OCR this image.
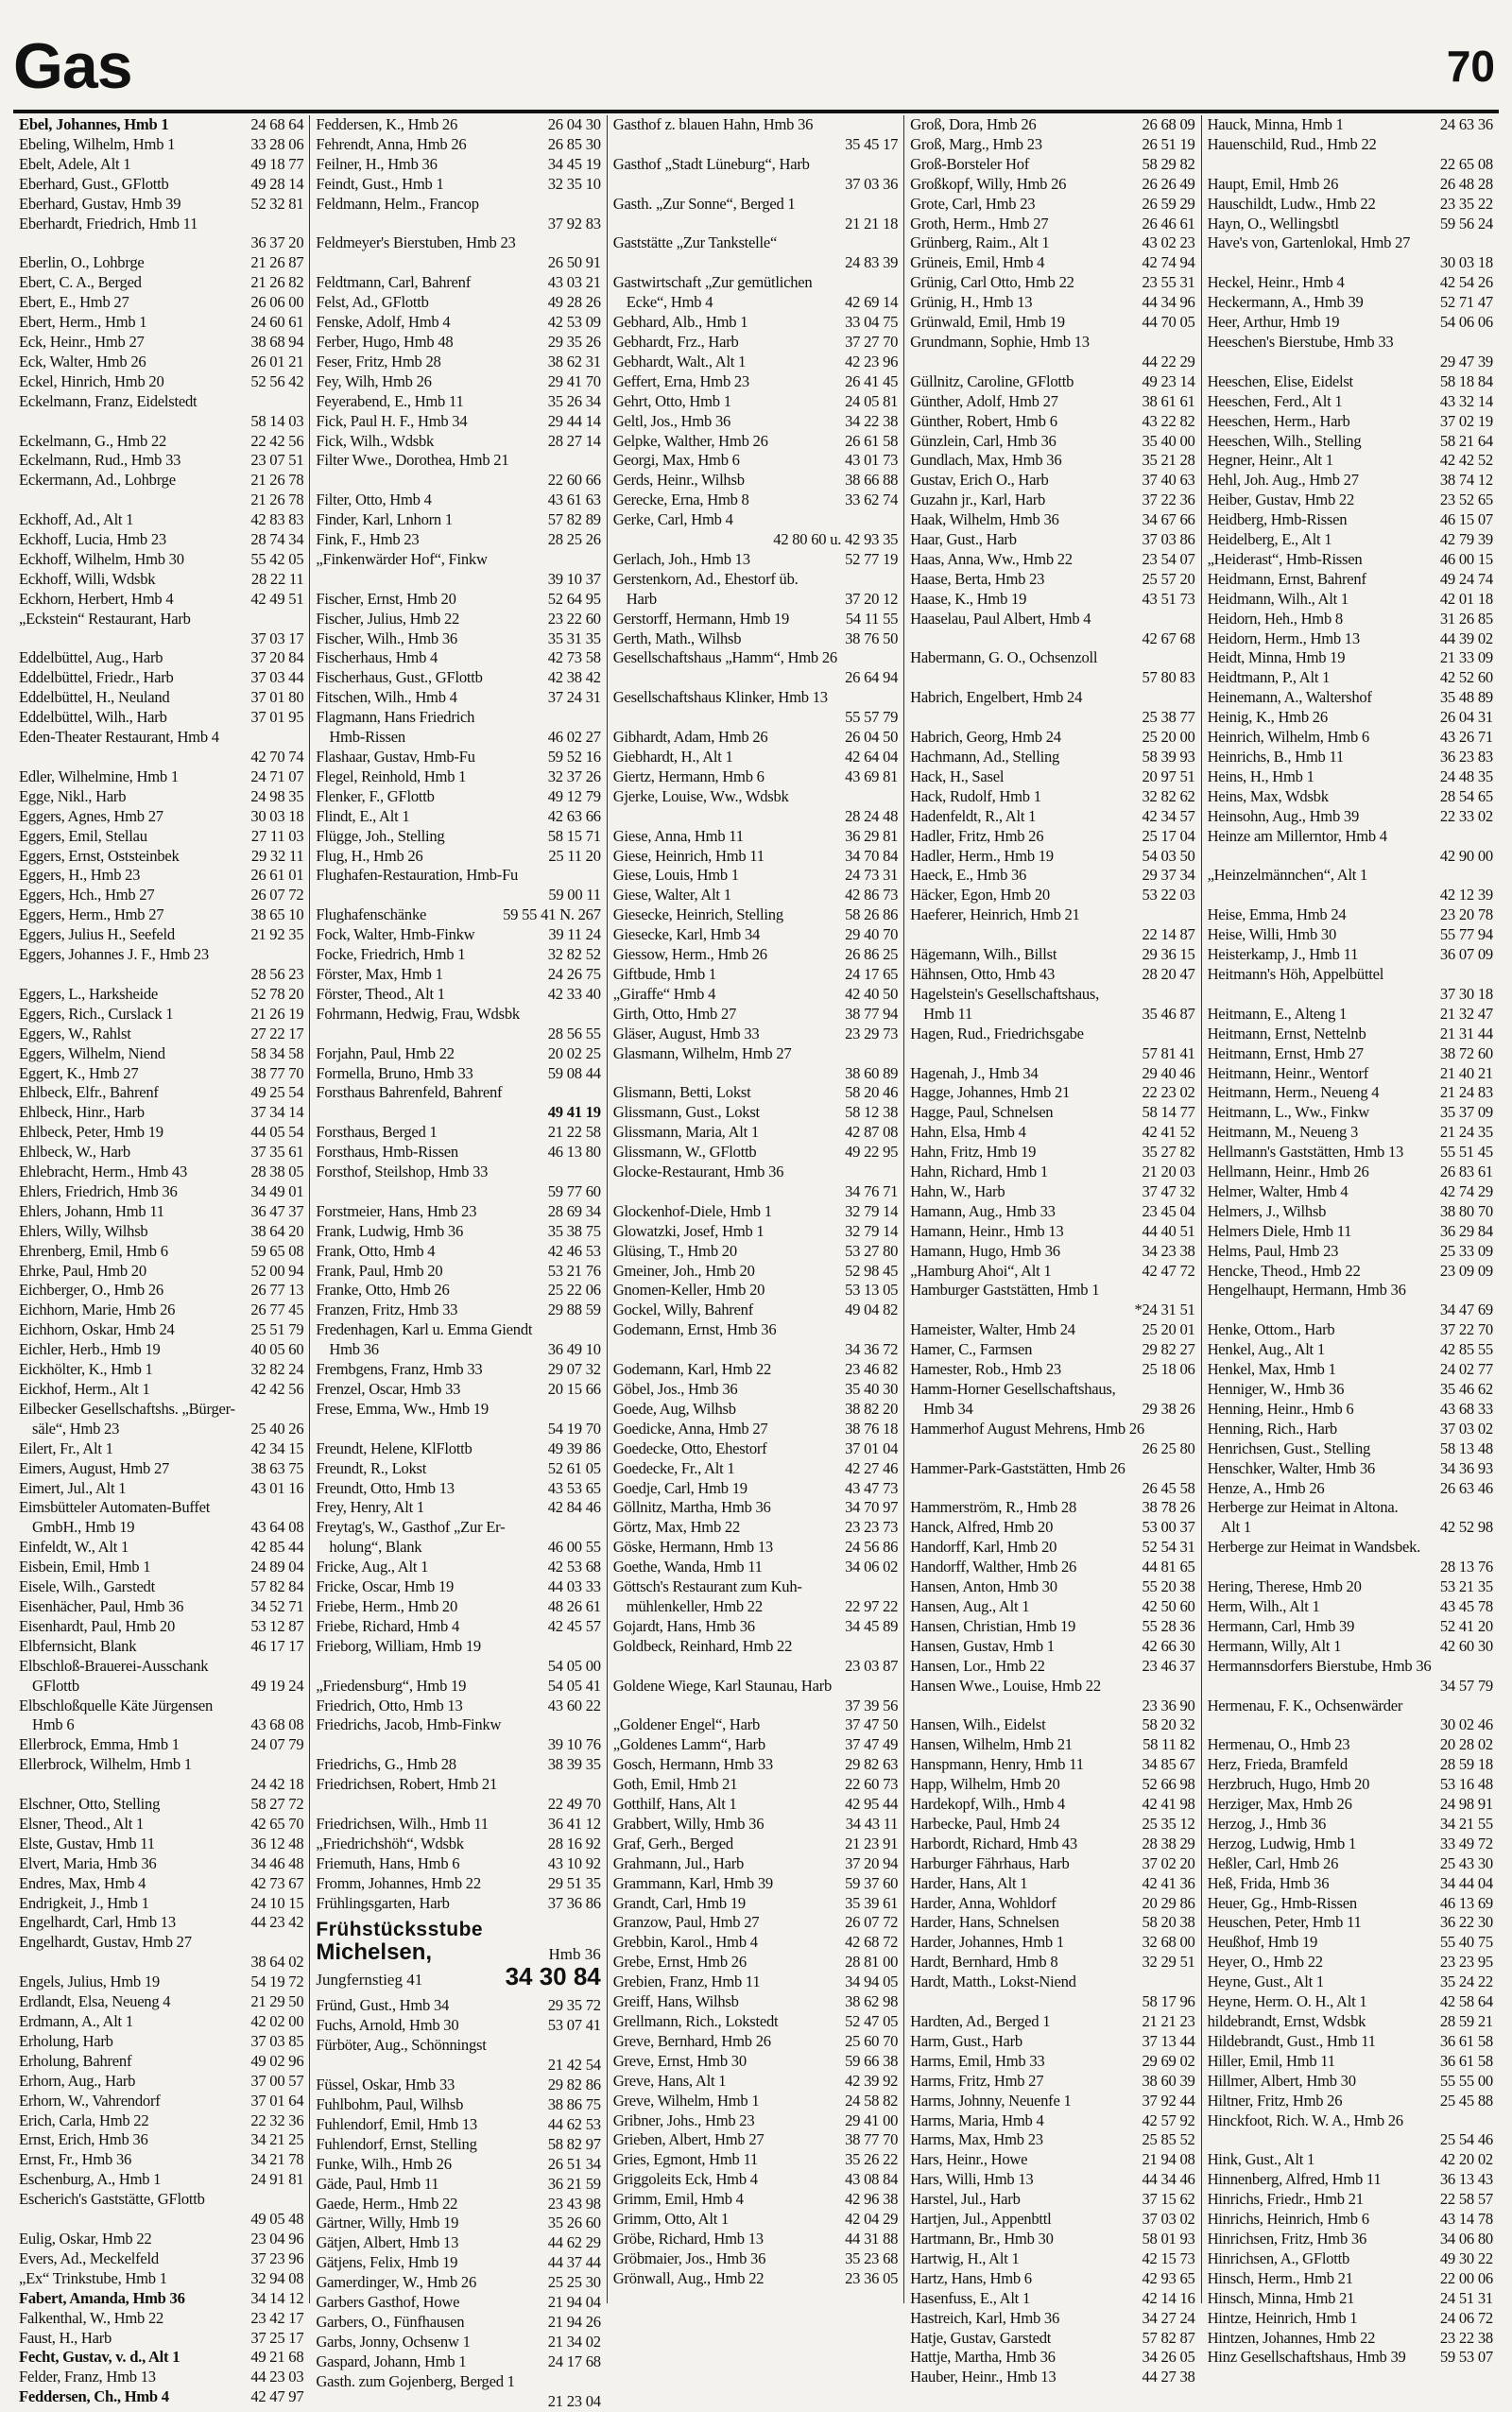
Gas	70
Ebel, Johannes, Hmb 1	24 68 64
Ebeling, Wilhelm, Hmb 1	33 28 06
Ebelt, Adele, Alt 1	49 18 77
Eberhard, Gust., GFlottb	49 28 14
Eberhard, Gustav, Hmb 39	52 32 81
Eberhardt, Friedrich, Hmb 11
36 37 20
Eberlin, O., Lohbrge	21 26 87
Ebert, C. A., Berged	21 26 82
Ebert, E., Hmb 27	26 06 00
Ebert, Herm., Hmb 1	24 60 61
Eck, Heinr., Hmb 27	38 68 94
Eck, Walter, Hmb 26	26 01 21
Eckel, Hinrich, Hmb 20	52 56 42
Eckelmann, Franz, Eidelstedt
58 14 03
Eckelmann, G., Hmb 22	22 42 56
Eckelmann, Rud., Hmb 33	23 07 51
Eckermann, Ad., Lohbrge	21 26 78
21 26 78
Eckhoff, Ad., Alt 1	42 83 83
Eckhoff, Lucia, Hmb 23	28 74 34
Eckhoff, Wilhelm, Hmb 30	55 42 05
Eckhoff, Willi, Wdsbk	28 22 11
Eckhorn, Herbert, Hmb 4	42 49 51
„Eckstein“ Restaurant, Harb
37 03 17
Eddelbüttel, Aug., Harb	37 20 84
Eddelbüttel, Friedr., Harb	37 03 44
Eddelbüttel, H., Neuland	37 01 80
Eddelbüttel, Wilh., Harb	37 01 95
Eden-Theater Restaurant, Hmb 4
42 70 74
Edler, Wilhelmine, Hmb 1	24 71 07
Egge, Nikl., Harb	24 98 35
Eggers, Agnes, Hmb 27	30 03 18
Eggers, Emil, Stellau	27 11 03
Eggers, Ernst, Oststeinbek	29 32 11
Eggers, H., Hmb 23	26 61 01
Eggers, Hch., Hmb 27	26 07 72
Eggers, Herm., Hmb 27	38 65 10
Eggers, Julius H., Seefeld	21 92 35
Eggers, Johannes J. F., Hmb 23
28 56 23
Eggers, L., Harksheide	52 78 20
Eggers, Rich., Curslack 1	21 26 19
Eggers, W., Rahlst	27 22 17
Eggers, Wilhelm, Niend	58 34 58
Eggert, K., Hmb 27	38 77 70
Ehlbeck, Elfr., Bahrenf	49 25 54
Ehlbeck, Hinr., Harb	37 34 14
Ehlbeck, Peter, Hmb 19	44 05 54
Ehlbeck, W., Harb	37 35 61
Ehlebracht, Herm., Hmb 43	28 38 05
Ehlers, Friedrich, Hmb 36	34 49 01
Ehlers, Johann, Hmb 11	36 47 37
Ehlers, Willy, Wilhsb	38 64 20
Ehrenberg, Emil, Hmb 6	59 65 08
Ehrke, Paul, Hmb 20	52 00 94
Eichberger, O., Hmb 26	26 77 13
Eichhorn, Marie, Hmb 26	26 77 45
Eichhorn, Oskar, Hmb 24	25 51 79
Eichler, Herb., Hmb 19	40 05 60
Eickhölter, K., Hmb 1	32 82 24
Eickhof, Herm., Alt 1	42 42 56
Eilbecker Gesellschaftshs. „Bürger-
säle“, Hmb 23	25 40 26
Eilert, Fr., Alt 1	42 34 15
Eimers, August, Hmb 27	38 63 75
Eimert, Jul., Alt 1	43 01 16
Eimsbütteler Automaten-Buffet
GmbH., Hmb 19	43 64 08
Einfeldt, W., Alt 1	42 85 44
Eisbein, Emil, Hmb 1	24 89 04
Eisele, Wilh., Garstedt	57 82 84
Eisenhächer, Paul, Hmb 36	34 52 71
Eisenhardt, Paul, Hmb 20	53 12 87
Elbfernsicht, Blank	46 17 17
Elbschloß-Brauerei-Ausschank
GFlottb	49 19 24
Elbschloßquelle Käte Jürgensen
Hmb 6	43 68 08
Ellerbrock, Emma, Hmb 1	24 07 79
Ellerbrock, Wilhelm, Hmb 1
24 42 18
Elschner, Otto, Stelling	58 27 72
Elsner, Theod., Alt 1	42 65 70
Elste, Gustav, Hmb 11	36 12 48
Elvert, Maria, Hmb 36	34 46 48
Endres, Max, Hmb 4	42 73 67
Endrigkeit, J., Hmb 1	24 10 15
Engelhardt, Carl, Hmb 13	44 23 42
Engelhardt, Gustav, Hmb 27
38 64 02
Engels, Julius, Hmb 19	54 19 72
Erdlandt, Elsa, Neueng 4	21 29 50
Erdmann, A., Alt 1	42 02 00
Erholung, Harb	37 03 85
Erholung, Bahrenf	49 02 96
Erhorn, Aug., Harb	37 00 57
Erhorn, W., Vahrendorf	37 01 64
Erich, Carla, Hmb 22	22 32 36
Ernst, Erich, Hmb 36	34 21 25
Ernst, Fr., Hmb 36	34 21 78
Eschenburg, A., Hmb 1	24 91 81
Escherich's Gaststätte, GFlottb
49 05 48
Eulig, Oskar, Hmb 22	23 04 96
Evers, Ad., Meckelfeld	37 23 96
„Ex“ Trinkstube, Hmb 1	32 94 08
Fabert, Amanda, Hmb 36	34 14 12
Falkenthal, W., Hmb 22	23 42 17
Faust, H., Harb	37 25 17
Fecht, Gustav, v. d., Alt 1	49 21 68
Felder, Franz, Hmb 13	44 23 03
Feddersen, Ch., Hmb 4	42 47 97
Feddersen, K., Hmb 26	26 04 30
Fehrendt, Anna, Hmb 26	26 85 30
Feilner, H., Hmb 36	34 45 19
Feindt, Gust., Hmb 1	32 35 10
Feldmann, Helm., Francop
37 92 83
Feldmeyer's Bierstuben, Hmb 23
26 50 91
Feldtmann, Carl, Bahrenf	43 03 21
Felst, Ad., GFlottb	49 28 26
Fenske, Adolf, Hmb 4	42 53 09
Ferber, Hugo, Hmb 48	29 35 26
Feser, Fritz, Hmb 28	38 62 31
Fey, Wilh, Hmb 26	29 41 70
Feyerabend, E., Hmb 11	35 26 34
Fick, Paul H. F., Hmb 34	29 44 14
Fick, Wilh., Wdsbk	28 27 14
Filter Wwe., Dorothea, Hmb 21
22 60 66
Filter, Otto, Hmb 4	43 61 63
Finder, Karl, Lnhorn 1	57 82 89
Fink, F., Hmb 23	28 25 26
„Finkenwärder Hof“, Finkw
39 10 37
Fischer, Ernst, Hmb 20	52 64 95
Fischer, Julius, Hmb 22	23 22 60
Fischer, Wilh., Hmb 36	35 31 35
Fischerhaus, Hmb 4	42 73 58
Fischerhaus, Gust., GFlottb	42 38 42
Fitschen, Wilh., Hmb 4	37 24 31
Flagmann, Hans Friedrich
Hmb-Rissen	46 02 27
Flashaar, Gustav, Hmb-Fu	59 52 16
Flegel, Reinhold, Hmb 1	32 37 26
Flenker, F., GFlottb	49 12 79
Flindt, E., Alt 1	42 63 66
Flügge, Joh., Stelling	58 15 71
Flug, H., Hmb 26	25 11 20
Flughafen-Restauration, Hmb-Fu
59 00 11
Flughafenschänke	59 55 41 N. 267
Fock, Walter, Hmb-Finkw	39 11 24
Focke, Friedrich, Hmb 1	32 82 52
Förster, Max, Hmb 1	24 26 75
Förster, Theod., Alt 1	42 33 40
Fohrmann, Hedwig, Frau, Wdsbk
28 56 55
Forjahn, Paul, Hmb 22	20 02 25
Formella, Bruno, Hmb 33	59 08 44
Forsthaus Bahrenfeld, Bahrenf
49 41 19
Forsthaus, Berged 1	21 22 58
Forsthaus, Hmb-Rissen	46 13 80
Forsthof, Steilshop, Hmb 33
59 77 60
Forstmeier, Hans, Hmb 23	28 69 34
Frank, Ludwig, Hmb 36	35 38 75
Frank, Otto, Hmb 4	42 46 53
Frank, Paul, Hmb 20	53 21 76
Franke, Otto, Hmb 26	25 22 06
Franzen, Fritz, Hmb 33	29 88 59
Fredenhagen, Karl u. Emma Giendt
Hmb 36	36 49 10
Frembgens, Franz, Hmb 33	29 07 32
Frenzel, Oscar, Hmb 33	20 15 66
Frese, Emma, Ww., Hmb 19
54 19 70
Freundt, Helene, KlFlottb	49 39 86
Freundt, R., Lokst	52 61 05
Freundt, Otto, Hmb 13	43 53 65
Frey, Henry, Alt 1	42 84 46
Freytag's, W., Gasthof „Zur Er-
holung“, Blank	46 00 55
Fricke, Aug., Alt 1	42 53 68
Fricke, Oscar, Hmb 19	44 03 33
Friebe, Herm., Hmb 20	48 26 61
Friebe, Richard, Hmb 4	42 45 57
Frieborg, William, Hmb 19
54 05 00
„Friedensburg“, Hmb 19	54 05 41
Friedrich, Otto, Hmb 13	43 60 22
Friedrichs, Jacob, Hmb-Finkw
39 10 76
Friedrichs, G., Hmb 28	38 39 35
Friedrichsen, Robert, Hmb 21
22 49 70
Friedrichsen, Wilh., Hmb 11	36 41 12
„Friedrichshöh“, Wdsbk	28 16 92
Friemuth, Hans, Hmb 6	43 10 92
Fromm, Johannes, Hmb 22	29 51 35
Frühlingsgarten, Harb	37 36 86
Frühstücksstube
Michelsen,	Hmb 36
Jungfernstieg 41	34 30 84
Fründ, Gust., Hmb 34	29 35 72
Fuchs, Arnold, Hmb 30	53 07 41
Fürböter, Aug., Schönningst
21 42 54
Füssel, Oskar, Hmb 33	29 82 86
Fuhlbohm, Paul, Wilhsb	38 86 75
Fuhlendorf, Emil, Hmb 13	44 62 53
Fuhlendorf, Ernst, Stelling	58 82 97
Funke, Wilh., Hmb 26	26 51 34
Gäde, Paul, Hmb 11	36 21 59
Gaede, Herm., Hmb 22	23 43 98
Gärtner, Willy, Hmb 19	35 26 60
Gätjen, Albert, Hmb 13	44 62 29
Gätjens, Felix, Hmb 19	44 37 44
Gamerdinger, W., Hmb 26	25 25 30
Garbers Gasthof, Howe	21 94 04
Garbers, O., Fünfhausen	21 94 26
Garbs, Jonny, Ochsenw 1	21 34 02
Gaspard, Johann, Hmb 1	24 17 68
Gasth. zum Gojenberg, Berged 1
21 23 04
Gasthof z. blauen Hahn, Hmb 36
35 45 17
Gasthof „Stadt Lüneburg“, Harb
37 03 36
Gasth. „Zur Sonne“, Berged 1
21 21 18
Gaststätte „Zur Tankstelle“
24 83 39
Gastwirtschaft „Zur gemütlichen
Ecke“, Hmb 4	42 69 14
Gebhard, Alb., Hmb 1	33 04 75
Gebhardt, Frz., Harb	37 27 70
Gebhardt, Walt., Alt 1	42 23 96
Geffert, Erna, Hmb 23	26 41 45
Gehrt, Otto, Hmb 1	24 05 81
Geltl, Jos., Hmb 36	34 22 38
Gelpke, Walther, Hmb 26	26 61 58
Georgi, Max, Hmb 6	43 01 73
Gerds, Heinr., Wilhsb	38 66 88
Gerecke, Erna, Hmb 8	33 62 74
Gerke, Carl, Hmb 4
42 80 60 u. 42 93 35
Gerlach, Joh., Hmb 13	52 77 19
Gerstenkorn, Ad., Ehestorf üb.
Harb	37 20 12
Gerstorff, Hermann, Hmb 19	54 11 55
Gerth, Math., Wilhsb	38 76 50
Gesellschaftshaus „Hamm“, Hmb 26
26 64 94
Gesellschaftshaus Klinker, Hmb 13
55 57 79
Gibhardt, Adam, Hmb 26	26 04 50
Giebhardt, H., Alt 1	42 64 04
Giertz, Hermann, Hmb 6	43 69 81
Gjerke, Louise, Ww., Wdsbk
28 24 48
Giese, Anna, Hmb 11	36 29 81
Giese, Heinrich, Hmb 11	34 70 84
Giese, Louis, Hmb 1	24 73 31
Giese, Walter, Alt 1	42 86 73
Giesecke, Heinrich, Stelling	58 26 86
Giesecke, Karl, Hmb 34	29 40 70
Giessow, Herm., Hmb 26	26 86 25
Giftbude, Hmb 1	24 17 65
„Giraffe“ Hmb 4	42 40 50
Girth, Otto, Hmb 27	38 77 94
Gläser, August, Hmb 33	23 29 73
Glasmann, Wilhelm, Hmb 27
38 60 89
Glismann, Betti, Lokst	58 20 46
Glissmann, Gust., Lokst	58 12 38
Glissmann, Maria, Alt 1	42 87 08
Glissmann, W., GFlottb	49 22 95
Glocke-Restaurant, Hmb 36
34 76 71
Glockenhof-Diele, Hmb 1	32 79 14
Glowatzki, Josef, Hmb 1	32 79 14
Glüsing, T., Hmb 20	53 27 80
Gmeiner, Joh., Hmb 20	52 98 45
Gnomen-Keller, Hmb 20	53 13 05
Gockel, Willy, Bahrenf	49 04 82
Godemann, Ernst, Hmb 36
34 36 72
Godemann, Karl, Hmb 22	23 46 82
Göbel, Jos., Hmb 36	35 40 30
Goede, Aug, Wilhsb	38 82 20
Goedicke, Anna, Hmb 27	38 76 18
Goedecke, Otto, Ehestorf	37 01 04
Goedecke, Fr., Alt 1	42 27 46
Goedje, Carl, Hmb 19	43 47 73
Göllnitz, Martha, Hmb 36	34 70 97
Görtz, Max, Hmb 22	23 23 73
Göske, Hermann, Hmb 13	24 56 86
Goethe, Wanda, Hmb 11	34 06 02
Göttsch's Restaurant zum Kuh-
mühlenkeller, Hmb 22	22 97 22
Gojardt, Hans, Hmb 36	34 45 89
Goldbeck, Reinhard, Hmb 22
23 03 87
Goldene Wiege, Karl Staunau, Harb
37 39 56
„Goldener Engel“, Harb	37 47 50
„Goldenes Lamm“, Harb	37 47 49
Gosch, Hermann, Hmb 33	29 82 63
Goth, Emil, Hmb 21	22 60 73
Gotthilf, Hans, Alt 1	42 95 44
Grabbert, Willy, Hmb 36	34 43 11
Graf, Gerh., Berged	21 23 91
Grahmann, Jul., Harb	37 20 94
Grammann, Karl, Hmb 39	59 37 60
Grandt, Carl, Hmb 19	35 39 61
Granzow, Paul, Hmb 27	26 07 72
Grebbin, Karol., Hmb 4	42 68 72
Grebe, Ernst, Hmb 26	28 81 00
Grebien, Franz, Hmb 11	34 94 05
Greiff, Hans, Wilhsb	38 62 98
Grellmann, Rich., Lokstedt	52 47 05
Greve, Bernhard, Hmb 26	25 60 70
Greve, Ernst, Hmb 30	59 66 38
Greve, Hans, Alt 1	42 39 92
Greve, Wilhelm, Hmb 1	24 58 82
Gribner, Johs., Hmb 23	29 41 00
Grieben, Albert, Hmb 27	38 77 70
Gries, Egmont, Hmb 11	35 26 22
Griggoleits Eck, Hmb 4	43 08 84
Grimm, Emil, Hmb 4	42 96 38
Grimm, Otto, Alt 1	42 04 29
Gröbe, Richard, Hmb 13	44 31 88
Gröbmaier, Jos., Hmb 36	35 23 68
Grönwall, Aug., Hmb 22	23 36 05
Groß, Dora, Hmb 26	26 68 09
Groß, Marg., Hmb 23	26 51 19
Groß-Borsteler Hof	58 29 82
Großkopf, Willy, Hmb 26	26 26 49
Grote, Carl, Hmb 23	26 59 29
Groth, Herm., Hmb 27	26 46 61
Grünberg, Raim., Alt 1	43 02 23
Grüneis, Emil, Hmb 4	42 74 94
Grünig, Carl Otto, Hmb 22	23 55 31
Grünig, H., Hmb 13	44 34 96
Grünwald, Emil, Hmb 19	44 70 05
Grundmann, Sophie, Hmb 13
44 22 29
Güllnitz, Caroline, GFlottb	49 23 14
Günther, Adolf, Hmb 27	38 61 61
Günther, Robert, Hmb 6	43 22 82
Günzlein, Carl, Hmb 36	35 40 00
Gundlach, Max, Hmb 36	35 21 28
Gustav, Erich O., Harb	37 40 63
Guzahn jr., Karl, Harb	37 22 36
Haak, Wilhelm, Hmb 36	34 67 66
Haar, Gust., Harb	37 03 86
Haas, Anna, Ww., Hmb 22	23 54 07
Haase, Berta, Hmb 23	25 57 20
Haase, K., Hmb 19	43 51 73
Haaselau, Paul Albert, Hmb 4
42 67 68
Habermann, G. O., Ochsenzoll
57 80 83
Habrich, Engelbert, Hmb 24
25 38 77
Habrich, Georg, Hmb 24	25 20 00
Hachmann, Ad., Stelling	58 39 93
Hack, H., Sasel	20 97 51
Hack, Rudolf, Hmb 1	32 82 62
Hadenfeldt, R., Alt 1	42 34 57
Hadler, Fritz, Hmb 26	25 17 04
Hadler, Herm., Hmb 19	54 03 50
Haeck, E., Hmb 36	29 37 34
Häcker, Egon, Hmb 20	53 22 03
Haeferer, Heinrich, Hmb 21
22 14 87
Hägemann, Wilh., Billst	29 36 15
Hähnsen, Otto, Hmb 43	28 20 47
Hagelstein's Gesellschaftshaus,
Hmb 11	35 46 87
Hagen, Rud., Friedrichsgabe
57 81 41
Hagenah, J., Hmb 34	29 40 46
Hagge, Johannes, Hmb 21	22 23 02
Hagge, Paul, Schnelsen	58 14 77
Hahn, Elsa, Hmb 4	42 41 52
Hahn, Fritz, Hmb 19	35 27 82
Hahn, Richard, Hmb 1	21 20 03
Hahn, W., Harb	37 47 32
Hamann, Aug., Hmb 33	23 45 04
Hamann, Heinr., Hmb 13	44 40 51
Hamann, Hugo, Hmb 36	34 23 38
„Hamburg Ahoi“, Alt 1	42 47 72
Hamburger Gaststätten, Hmb 1
*24 31 51
Hameister, Walter, Hmb 24	25 20 01
Hamer, C., Farmsen	29 82 27
Hamester, Rob., Hmb 23	25 18 06
Hamm-Horner Gesellschaftshaus,
Hmb 34	29 38 26
Hammerhof August Mehrens, Hmb 26
26 25 80
Hammer-Park-Gaststätten, Hmb 26
26 45 58
Hammerström, R., Hmb 28	38 78 26
Hanck, Alfred, Hmb 20	53 00 37
Handorff, Karl, Hmb 20	52 54 31
Handorff, Walther, Hmb 26	44 81 65
Hansen, Anton, Hmb 30	55 20 38
Hansen, Aug., Alt 1	42 50 60
Hansen, Christian, Hmb 19	55 28 36
Hansen, Gustav, Hmb 1	42 66 30
Hansen, Lor., Hmb 22	23 46 37
Hansen Wwe., Louise, Hmb 22
23 36 90
Hansen, Wilh., Eidelst	58 20 32
Hansen, Wilhelm, Hmb 21	58 11 82
Hanspmann, Henry, Hmb 11	34 85 67
Happ, Wilhelm, Hmb 20	52 66 98
Hardekopf, Wilh., Hmb 4	42 41 98
Harbecke, Paul, Hmb 24	25 35 12
Harbordt, Richard, Hmb 43	28 38 29
Harburger Fährhaus, Harb	37 02 20
Harder, Hans, Alt 1	42 41 36
Harder, Anna, Wohldorf	20 29 86
Harder, Hans, Schnelsen	58 20 38
Harder, Johannes, Hmb 1	32 68 00
Hardt, Bernhard, Hmb 8	32 29 51
Hardt, Matth., Lokst-Niend
58 17 96
Hardten, Ad., Berged 1	21 21 23
Harm, Gust., Harb	37 13 44
Harms, Emil, Hmb 33	29 69 02
Harms, Fritz, Hmb 27	38 60 39
Harms, Johnny, Neuenfe 1	37 92 44
Harms, Maria, Hmb 4	42 57 92
Harms, Max, Hmb 23	25 85 52
Hars, Heinr., Howe	21 94 08
Hars, Willi, Hmb 13	44 34 46
Harstel, Jul., Harb	37 15 62
Hartjen, Jul., Appenbttl	37 03 02
Hartmann, Br., Hmb 30	58 01 93
Hartwig, H., Alt 1	42 15 73
Hartz, Hans, Hmb 6	42 93 65
Hasenfuss, E., Alt 1	42 14 16
Hastreich, Karl, Hmb 36	34 27 24
Hatje, Gustav, Garstedt	57 82 87
Hattje, Martha, Hmb 36	34 26 05
Hauber, Heinr., Hmb 13	44 27 38
Hauck, Minna, Hmb 1	24 63 36
Hauenschild, Rud., Hmb 22
22 65 08
Haupt, Emil, Hmb 26	26 48 28
Hauschildt, Ludw., Hmb 22	23 35 22
Hayn, O., Wellingsbtl	59 56 24
Have's von, Gartenlokal, Hmb 27
30 03 18
Heckel, Heinr., Hmb 4	42 54 26
Heckermann, A., Hmb 39	52 71 47
Heer, Arthur, Hmb 19	54 06 06
Heeschen's Bierstube, Hmb 33
29 47 39
Heeschen, Elise, Eidelst	58 18 84
Heeschen, Ferd., Alt 1	43 32 14
Heeschen, Herm., Harb	37 02 19
Heeschen, Wilh., Stelling	58 21 64
Hegner, Heinr., Alt 1	42 42 52
Hehl, Joh. Aug., Hmb 27	38 74 12
Heiber, Gustav, Hmb 22	23 52 65
Heidberg, Hmb-Rissen	46 15 07
Heidelberg, E., Alt 1	42 79 39
„Heiderast“, Hmb-Rissen	46 00 15
Heidmann, Ernst, Bahrenf	49 24 74
Heidmann, Wilh., Alt 1	42 01 18
Heidorn, Heh., Hmb 8	31 26 85
Heidorn, Herm., Hmb 13	44 39 02
Heidt, Minna, Hmb 19	21 33 09
Heidtmann, P., Alt 1	42 52 60
Heinemann, A., Waltershof	35 48 89
Heinig, K., Hmb 26	26 04 31
Heinrich, Wilhelm, Hmb 6	43 26 71
Heinrichs, B., Hmb 11	36 23 83
Heins, H., Hmb 1	24 48 35
Heins, Max, Wdsbk	28 54 65
Heinsohn, Aug., Hmb 39	22 33 02
Heinze am Millerntor, Hmb 4
42 90 00
„Heinzelmännchen“, Alt 1
42 12 39
Heise, Emma, Hmb 24	23 20 78
Heise, Willi, Hmb 30	55 77 94
Heisterkamp, J., Hmb 11	36 07 09
Heitmann's Höh, Appelbüttel
37 30 18
Heitmann, E., Alteng 1	21 32 47
Heitmann, Ernst, Nettelnb	21 31 44
Heitmann, Ernst, Hmb 27	38 72 60
Heitmann, Heinr., Wentorf	21 40 21
Heitmann, Herm., Neueng 4	21 24 83
Heitmann, L., Ww., Finkw	35 37 09
Heitmann, M., Neueng 3	21 24 35
Hellmann's Gaststätten, Hmb 13	55 51 45
Hellmann, Heinr., Hmb 26	26 83 61
Helmer, Walter, Hmb 4	42 74 29
Helmers, J., Wilhsb	38 80 70
Helmers Diele, Hmb 11	36 29 84
Helms, Paul, Hmb 23	25 33 09
Hencke, Theod., Hmb 22	23 09 09
Hengelhaupt, Hermann, Hmb 36
34 47 69
Henke, Ottom., Harb	37 22 70
Henkel, Aug., Alt 1	42 85 55
Henkel, Max, Hmb 1	24 02 77
Henniger, W., Hmb 36	35 46 62
Henning, Heinr., Hmb 6	43 68 33
Henning, Rich., Harb	37 03 02
Henrichsen, Gust., Stelling	58 13 48
Henschker, Walter, Hmb 36	34 36 93
Henze, A., Hmb 26	26 63 46
Herberge zur Heimat in Altona.
Alt 1	42 52 98
Herberge zur Heimat in Wandsbek.
28 13 76
Hering, Therese, Hmb 20	53 21 35
Herm, Wilh., Alt 1	43 45 78
Hermann, Carl, Hmb 39	52 41 20
Hermann, Willy, Alt 1	42 60 30
Hermannsdorfers Bierstube, Hmb 36
34 57 79
Hermenau, F. K., Ochsenwärder
30 02 46
Hermenau, O., Hmb 23	20 28 02
Herz, Frieda, Bramfeld	28 59 18
Herzbruch, Hugo, Hmb 20	53 16 48
Herziger, Max, Hmb 26	24 98 91
Herzog, J., Hmb 36	34 21 55
Herzog, Ludwig, Hmb 1	33 49 72
Heßler, Carl, Hmb 26	25 43 30
Heß, Frida, Hmb 36	34 44 04
Heuer, Gg., Hmb-Rissen	46 13 69
Heuschen, Peter, Hmb 11	36 22 30
Heußhof, Hmb 19	55 40 75
Heyer, O., Hmb 22	23 23 95
Heyne, Gust., Alt 1	35 24 22
Heyne, Herm. O. H., Alt 1	42 58 64
hildebrandt, Ernst, Wdsbk	28 59 21
Hildebrandt, Gust., Hmb 11	36 61 58
Hiller, Emil, Hmb 11	36 61 58
Hillmer, Albert, Hmb 30	55 55 00
Hiltner, Fritz, Hmb 26	25 45 88
Hinckfoot, Rich. W. A., Hmb 26
25 54 46
Hink, Gust., Alt 1	42 20 02
Hinnenberg, Alfred, Hmb 11	36 13 43
Hinrichs, Friedr., Hmb 21	22 58 57
Hinrichs, Heinrich, Hmb 6	43 14 78
Hinrichsen, Fritz, Hmb 36	34 06 80
Hinrichsen, A., GFlottb	49 30 22
Hinsch, Herm., Hmb 21	22 00 06
Hinsch, Minna, Hmb 21	24 51 31
Hintze, Heinrich, Hmb 1	24 06 72
Hintzen, Johannes, Hmb 22	23 22 38
Hinz Gesellschaftshaus, Hmb 39	59 53 07
